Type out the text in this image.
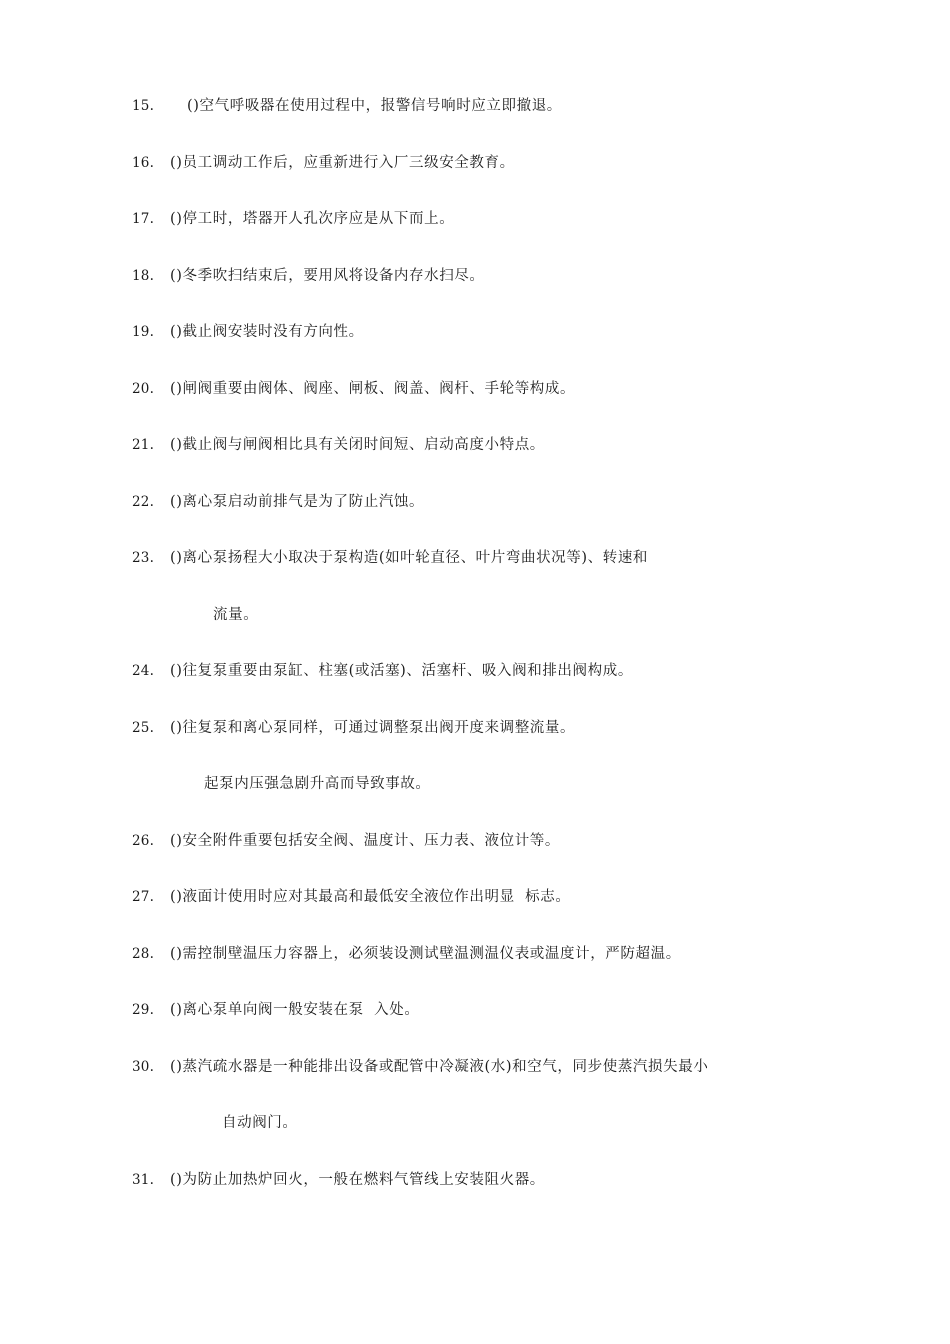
15. ()空气呼吸器在使用过程中，报警信号响时应立即撤退。
16. ()员工调动工作后，应重新进行入厂三级安全教育。
17. ()停工时，塔器开人孔次序应是从下而上。
18. ()冬季吹扫结束后，要用风将设备内存水扫尽。
19. ()截止阀安装时没有方向性。
20. ()闸阀重要由阀体、阀座、闸板、阀盖、阀杆、手轮等构成。
21. ()截止阀与闸阀相比具有关闭时间短、启动高度小特点。
22. ()离心泵启动前排气是为了防止汽蚀。
23. ()离心泵扬程大小取决于泵构造(如叶轮直径、叶片弯曲状况等)、转速和
流量。
24. ()往复泵重要由泵缸、柱塞(或活塞)、活塞杆、吸入阀和排出阀构成。
25. ()往复泵和离心泵同样，可通过调整泵出阀开度来调整流量。
起泵内压强急剧升高而导致事故。
26. ()安全附件重要包括安全阀、温度计、压力表、液位计等。
27. ()液面计使用时应对其最高和最低安全液位作出明显  标志。
28. ()需控制壁温压力容器上，必须装设测试壁温测温仪表或温度计，严防超温。
29. ()离心泵单向阀一般安装在泵  入处。
30. ()蒸汽疏水器是一种能排出设备或配管中冷凝液(水)和空气，同步使蒸汽损失最小
自动阀门。
31. ()为防止加热炉回火，一般在燃料气管线上安装阻火器。
